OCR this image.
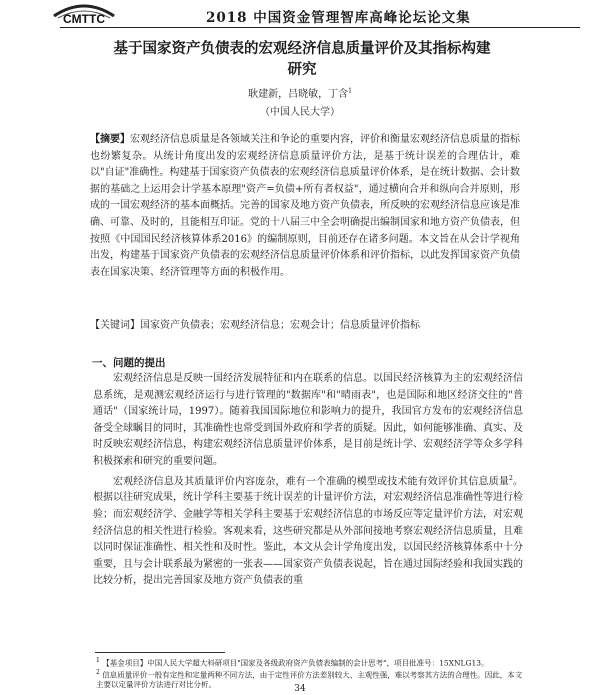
CMTTC	2018 中国资金管理智库高峰论坛论文集
基于国家资产负债表的宏观经济信息质量评价及其指标构建研究
耿建新，吕晓敏，丁含$^1$
（中国人民大学）
【摘要】宏观经济信息质量是各领域关注和争论的重要内容，评价和衡量宏观经济信息质量的指标也纷繁复杂。从统计角度出发的宏观经济信息质量评价方法，是基于统计误差的合理估计，难以"自证"准确性。构建基于国家资产负债表的宏观经济信息质量评价体系，是在统计数据、会计数据的基础之上运用会计学基本原理"资产=负债+所有者权益"，通过横向合并和纵向合并原则，形成的一国宏观经济的基本面概括。完善的国家及地方资产负债表，所反映的宏观经济信息应该是准确、可靠、及时的，且能相互印证。党的十八届三中全会明确提出编制国家和地方资产负债表，但按照《中国国民经济核算体系2016》的编制原则，目前还存在诸多问题。本文旨在从会计学视角出发，构建基于国家资产负债表的宏观经济信息质量评价体系和评价指标，以此发挥国家资产负债表在国家决策、经济管理等方面的积极作用。
【关键词】国家资产负债表；宏观经济信息；宏观会计；信息质量评价指标
一、问题的提出

宏观经济信息是反映一国经济发展特征和内在联系的信息。以国民经济核算为主的宏观经济信息系统，是观测宏观经济运行与进行管理的"数据库"和"晴雨表"，也是国际和地区经济交往的"普通话"（国家统计局，1997）。随着我国国际地位和影响力的提升，我国官方发布的宏观经济信息备受全球瞩目的同时，其准确性也常受到国外政府和学者的质疑。因此，如何能够准确、真实、及时反映宏观经济信息，构建宏观经济信息质量评价体系，是目前是统计学、宏观经济学等众多学科积极探索和研究的重要问题。

宏观经济信息及其质量评价内容庞杂，难有一个准确的模型或技术能有效评价其信息质量$^2$。根据以往研究成果，统计学科主要基于统计误差的计量评价方法，对宏观经济信息准确性等进行检验；而宏观经济学、金融学等相关学科主要基于宏观经济信息的市场反应等定量评价方法，对宏观经济信息的相关性进行检验。客观来看，这些研究都是从外部间接地考察宏观经济信息质量，且难以同时保证准确性、相关性和及时性。鉴此，本文从会计学角度出发，以国民经济核算体系中十分重要，且与会计联系最为紧密的一张表——国家资产负债表说起，旨在通过国际经验和我国实践的比较分析，提出完善国家及地方资产负债表的重

$^1$ 【基金项目】中国人民大学超大科研项目"国家及各级政府资产负债表编制的会计思考"，项目批准号：15XNLG13。

$^2$ 信息质量评价一般有定性和定量两种不同方法，由于定性评价方法差别较大、主观性强，难以考察其方法的合理性。因此，本文主要以定量评价方法进行对比分析。	34
